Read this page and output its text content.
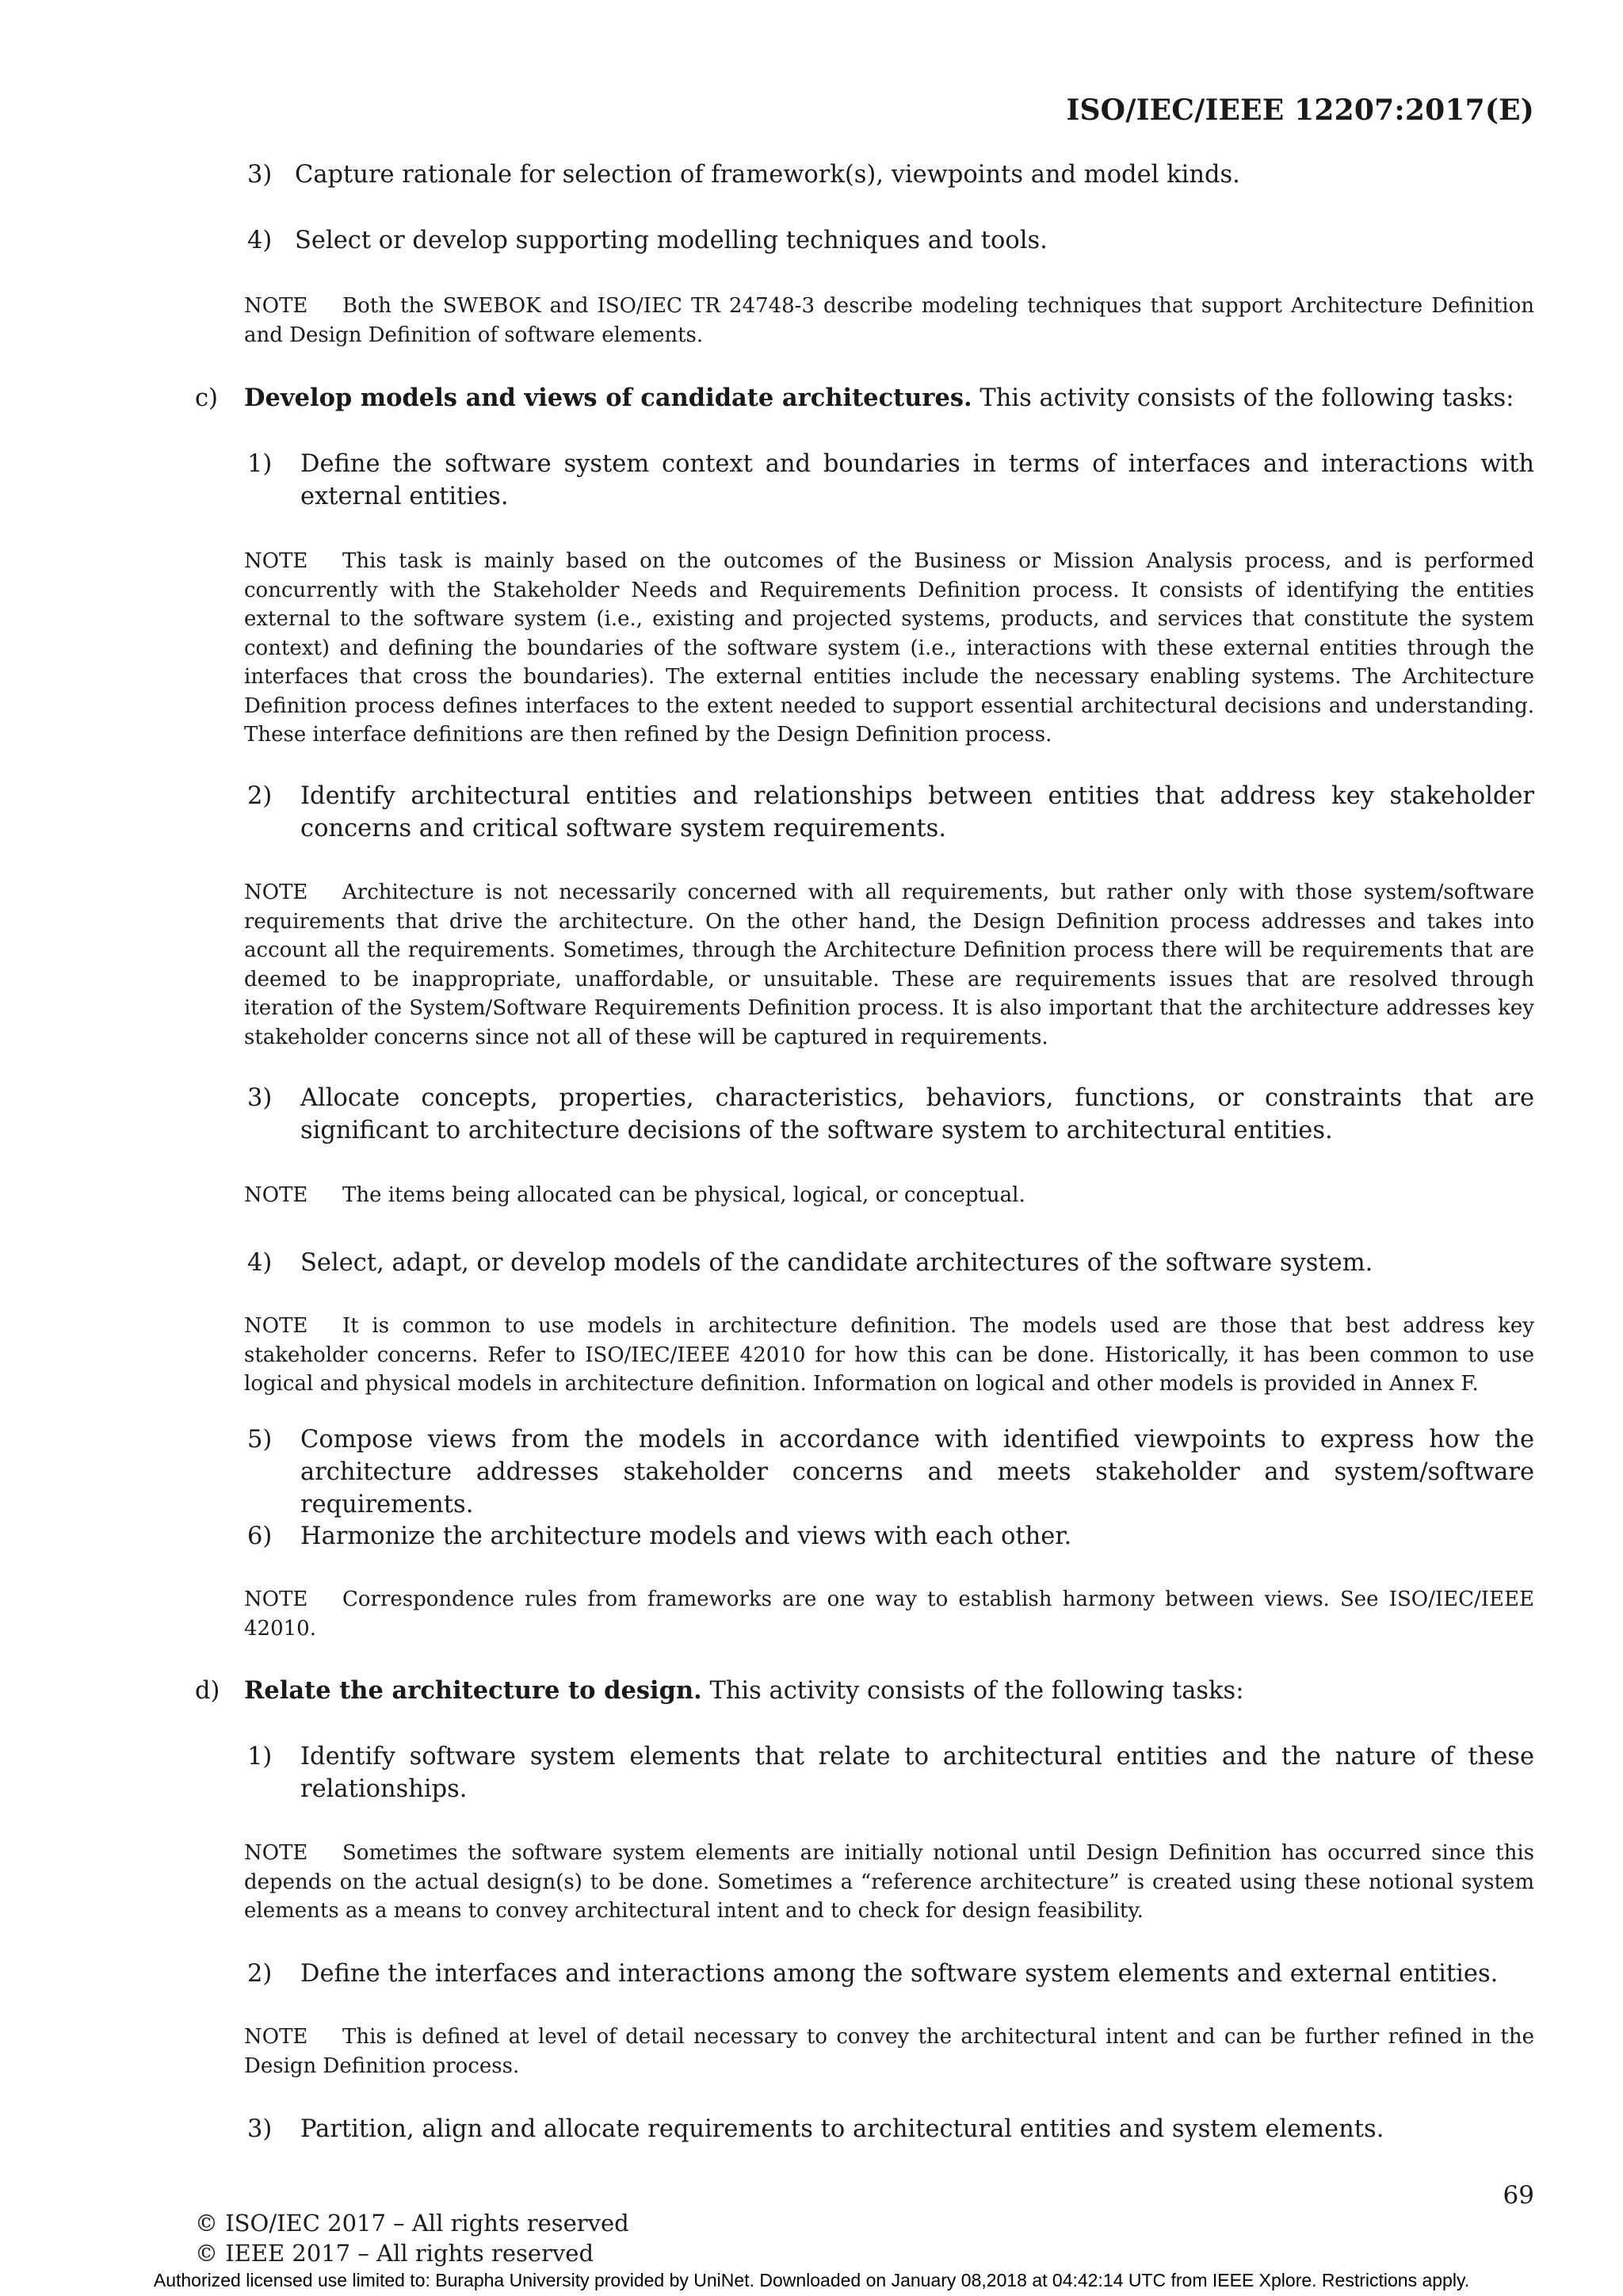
ISO/IEC/IEEE 12207:2017(E)
3) Capture rationale for selection of framework(s), viewpoints and model kinds.
4) Select or develop supporting modelling techniques and tools.
NOTE Both the SWEBOK and ISO/IEC TR 24748-3 describe modeling techniques that support Architecture Definition and Design Definition of software elements.
c) Develop models and views of candidate architectures. This activity consists of the following tasks:
1) Define the software system context and boundaries in terms of interfaces and interactions with external entities.
NOTE This task is mainly based on the outcomes of the Business or Mission Analysis process, and is performed concurrently with the Stakeholder Needs and Requirements Definition process. It consists of identifying the entities external to the software system (i.e., existing and projected systems, products, and services that constitute the system context) and defining the boundaries of the software system (i.e., interactions with these external entities through the interfaces that cross the boundaries). The external entities include the necessary enabling systems. The Architecture Definition process defines interfaces to the extent needed to support essential architectural decisions and understanding. These interface definitions are then refined by the Design Definition process.
2) Identify architectural entities and relationships between entities that address key stakeholder concerns and critical software system requirements.
NOTE Architecture is not necessarily concerned with all requirements, but rather only with those system/software requirements that drive the architecture. On the other hand, the Design Definition process addresses and takes into account all the requirements. Sometimes, through the Architecture Definition process there will be requirements that are deemed to be inappropriate, unaffordable, or unsuitable. These are requirements issues that are resolved through iteration of the System/Software Requirements Definition process. It is also important that the architecture addresses key stakeholder concerns since not all of these will be captured in requirements.
3) Allocate concepts, properties, characteristics, behaviors, functions, or constraints that are significant to architecture decisions of the software system to architectural entities.
NOTE The items being allocated can be physical, logical, or conceptual.
4) Select, adapt, or develop models of the candidate architectures of the software system.
NOTE It is common to use models in architecture definition. The models used are those that best address key stakeholder concerns. Refer to ISO/IEC/IEEE 42010 for how this can be done. Historically, it has been common to use logical and physical models in architecture definition. Information on logical and other models is provided in Annex F.
5) Compose views from the models in accordance with identified viewpoints to express how the architecture addresses stakeholder concerns and meets stakeholder and system/software requirements.
6) Harmonize the architecture models and views with each other.
NOTE Correspondence rules from frameworks are one way to establish harmony between views. See ISO/IEC/IEEE 42010.
d) Relate the architecture to design. This activity consists of the following tasks:
1) Identify software system elements that relate to architectural entities and the nature of these relationships.
NOTE Sometimes the software system elements are initially notional until Design Definition has occurred since this depends on the actual design(s) to be done. Sometimes a “reference architecture” is created using these notional system elements as a means to convey architectural intent and to check for design feasibility.
2) Define the interfaces and interactions among the software system elements and external entities.
NOTE This is defined at level of detail necessary to convey the architectural intent and can be further refined in the Design Definition process.
3) Partition, align and allocate requirements to architectural entities and system elements.
69
© ISO/IEC 2017 – All rights reserved
© IEEE 2017 – All rights reserved
Authorized licensed use limited to: Burapha University provided by UniNet. Downloaded on January 08,2018 at 04:42:14 UTC from IEEE Xplore. Restrictions apply.
